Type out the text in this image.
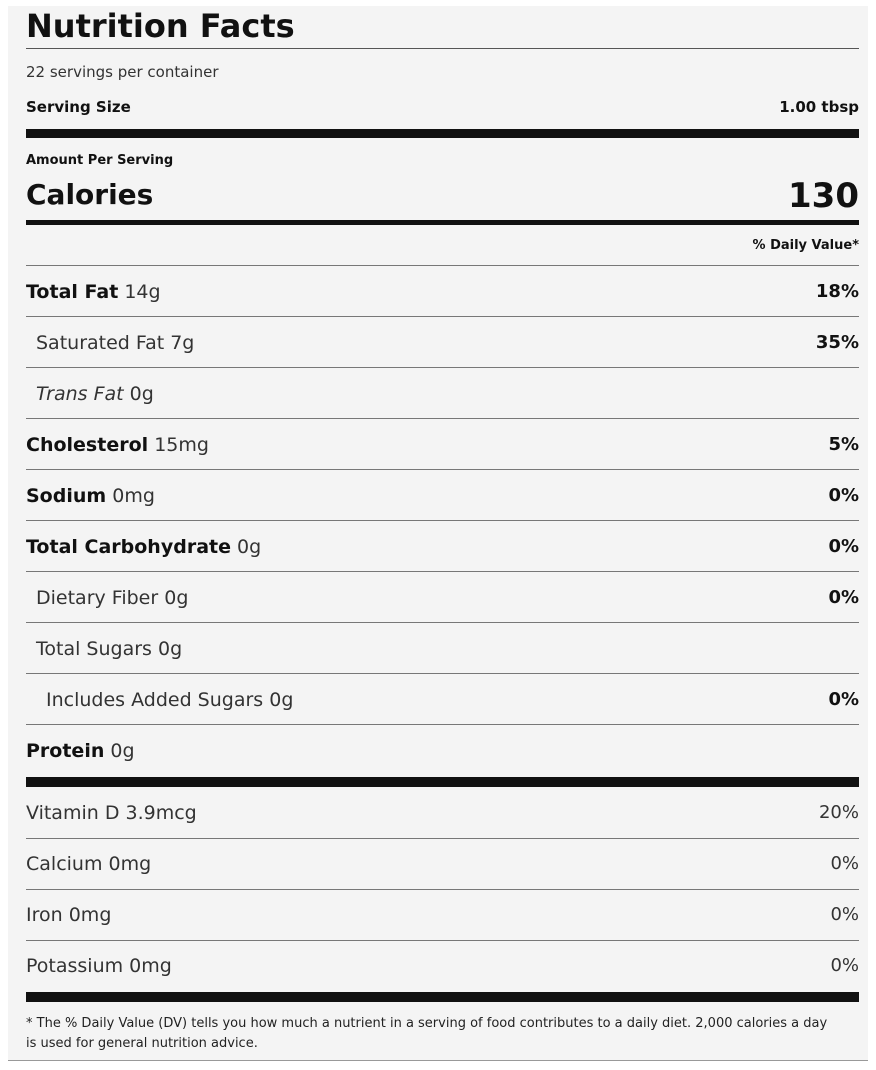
Nutrition Facts
22 servings per container
Serving Size	1.00 tbsp
Amount Per Serving
Calories	130
% Daily Value*
Total Fat 14g	18%
Saturated Fat 7g	35%
Trans Fat 0g
Cholesterol 15mg	5%
Sodium 0mg	0%
Total Carbohydrate 0g	0%
Dietary Fiber 0g	0%
Total Sugars 0g
Includes Added Sugars 0g	0%
Protein 0g
Vitamin D 3.9mcg	20%
Calcium 0mg	0%
Iron 0mg	0%
Potassium 0mg	0%
* The % Daily Value (DV) tells you how much a nutrient in a serving of food contributes to a daily diet. 2,000 calories a day is used for general nutrition advice.
